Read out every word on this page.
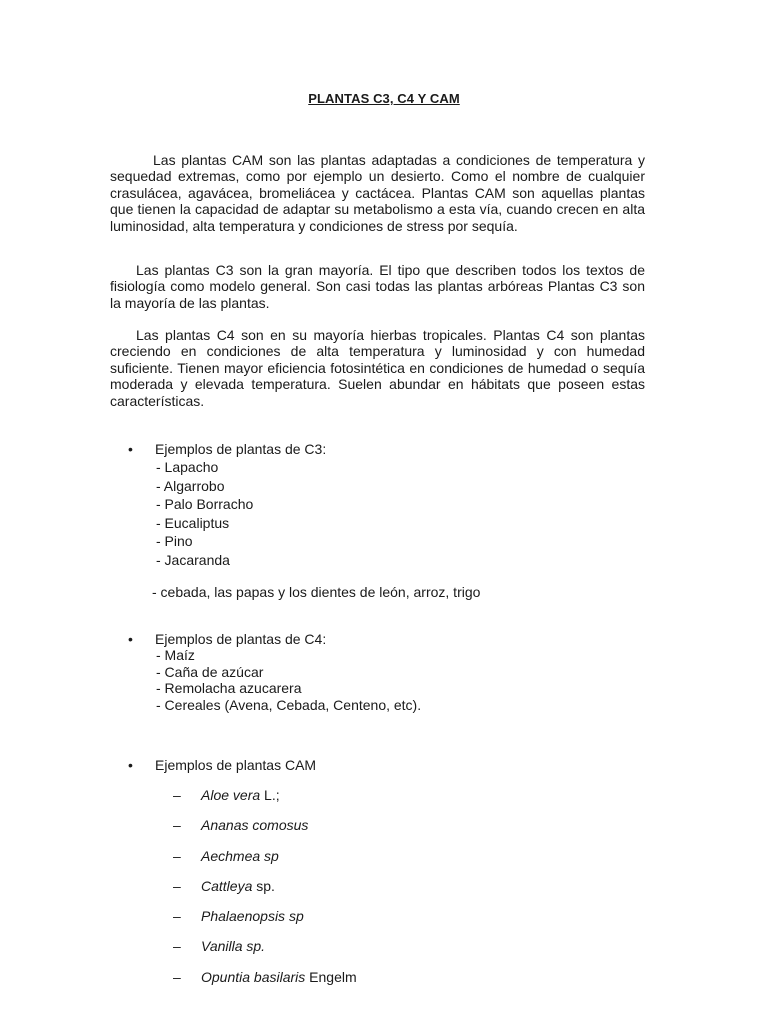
PLANTAS C3, C4 Y CAM
Las plantas CAM son las plantas adaptadas a condiciones de temperatura y sequedad extremas, como por ejemplo un desierto. Como el nombre de cualquier crasulácea, agavácea, bromeliácea y cactácea. Plantas CAM son aquellas plantas que tienen la capacidad de adaptar su metabolismo a esta vía, cuando crecen en alta luminosidad, alta temperatura y condiciones de stress por sequía.
Las plantas C3 son la gran mayoría. El tipo que describen todos los textos de fisiología como modelo general. Son casi todas las plantas arbóreas Plantas C3 son la mayoría de las plantas.
Las plantas C4 son en su mayoría hierbas tropicales. Plantas C4 son plantas creciendo en condiciones de alta temperatura y luminosidad y con humedad suficiente. Tienen mayor eficiencia fotosintética en condiciones de humedad o sequía moderada y elevada temperatura. Suelen abundar en hábitats que poseen estas características.
• Ejemplos de plantas de C3:
- Lapacho
- Algarrobo
- Palo Borracho
- Eucaliptus
- Pino
- Jacaranda
- cebada, las papas y los dientes de león, arroz, trigo
• Ejemplos de plantas de C4:
- Maíz
- Caña de azúcar
- Remolacha azucarera
- Cereales (Avena, Cebada, Centeno, etc).
• Ejemplos de plantas CAM
– Aloe vera L.;
– Ananas comosus
– Aechmea sp
– Cattleya sp.
– Phalaenopsis sp
– Vanilla sp.
– Opuntia basilaris Engelm
